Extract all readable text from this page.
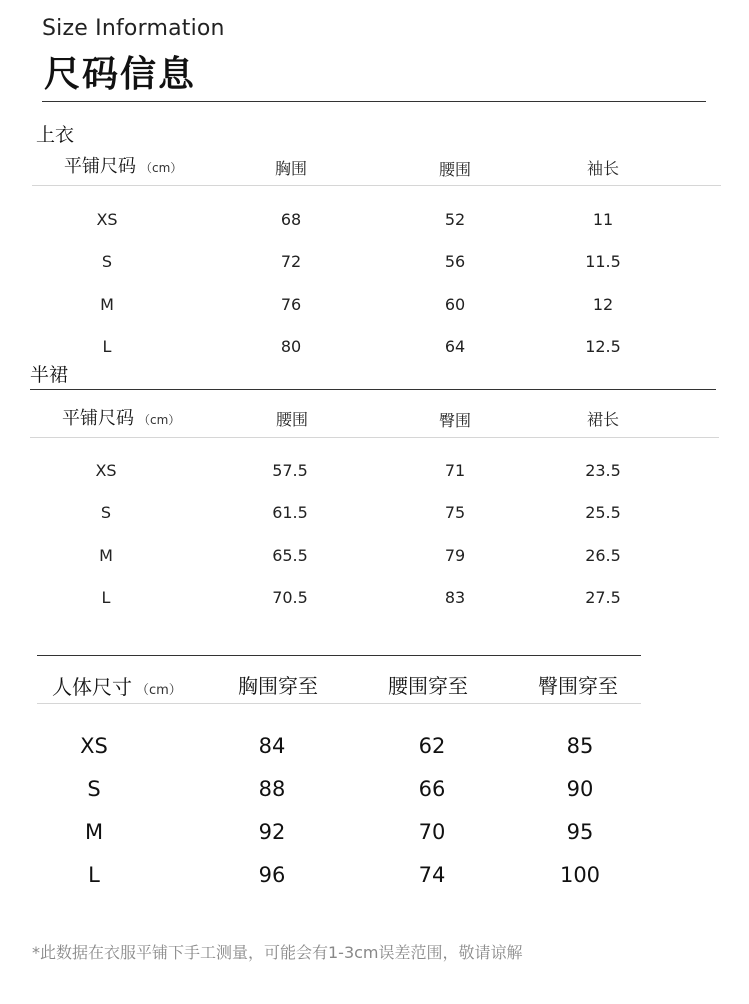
Size Information
尺码信息
上衣
平铺尺码 （cm）	胸围	腰围	袖长
XS	68	52	11
S	72	56	11.5
M	76	60	12
L	80	64	12.5
半裙
平铺尺码 （cm）	腰围	臀围	裙长
XS	57.5	71	23.5
S	61.5	75	25.5
M	65.5	79	26.5
L	70.5	83	27.5
人体尺寸 （cm）	胸围穿至	腰围穿至	臀围穿至
XS	84	62	85
S	88	66	90
M	92	70	95
L	96	74	100
*此数据在衣服平铺下手工测量，可能会有1-3cm误差范围，敬请谅解
